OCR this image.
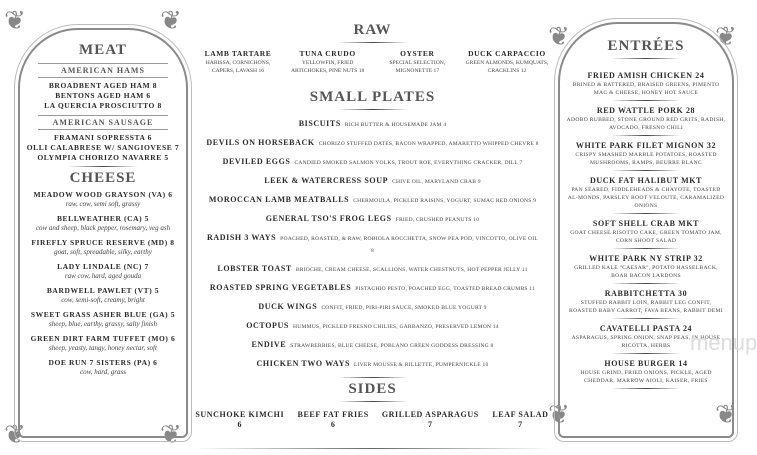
❦	❦
❦	❦
❦	❦
❦	❦
MEAT
AMERICAN HAMS
BROADBENT AGED HAM 8
BENTONS AGED HAM 6
LA QUERCIA PROSCIUTTO 8
AMERICAN SAUSAGE
FRAMANI SOPRESSTA 6
OLLI CALABRESE W/ SANGIOVESE 7
OLYMPIA CHORIZO NAVARRE 5
CHEESE
MEADOW WOOD GRAYSON (VA) 6
raw, cow, semi soft, grassy
BELLWEATHER (CA) 5
cow and sheep, black pepper, rosemary, veg ash
FIREFLY SPRUCE RESERVE (MD) 8
goat, soft, spreadable, silky, earthy
LADY LINDALE (NC) 7
raw cow, hard, aged gouda
BARDWELL PAWLET (VT) 5
cow, semi-soft, creamy, bright
SWEET GRASS ASHER BLUE (GA) 5
sheep, blue, earthy, grassy, salty finish
GREEN DIRT FARM TUFFET (MO) 6
sheep, yeasty, tangy, honey nectar, soft
DOE RUN 7 SISTERS (PA) 6
cow, hard, grass
RAW
LAMB TARTARE
HARISSA, CORNICHONS, CAPERS, LAVASH 16
TUNA CRUDO
YELLOWFIN, FRIED ARTICHOKES, PINE NUTS 18
OYSTER
SPECIAL SELECTION, MIGNONETTE 17
DUCK CARPACCIO
GREEN ALMONDS, KUMQUATS, CRACKLINS 12
SMALL PLATES
BISCUITS RICH BUTTER & HOUSEMADE JAM 4
DEVILS ON HORSEBACK CHORIZO STUFFED DATES, BACON WRAPPED, AMARETTO WHIPPED CHEVRE 8
DEVILED EGGS CANDIED SMOKED SALMON YOLKS, TROUT ROE, EVERYTHING CRACKER, DILL 7
LEEK & WATERCRESS SOUP CHIVE OIL, MARYLAND CRAB 9
MOROCCAN LAMB MEATBALLS CHERMOULA, PICKLED RAISINS, YOGURT, SUMAC RED ONIONS 9
GENERAL TSO'S FROG LEGS FRIED, CRUSHED PEANUTS 10
RADISH 3 WAYS POACHED, ROASTED, & RAW, ROBIOLA ROCCHETTA, SNOW PEA POD, VINCOTTO, OLIVE OIL 8
LOBSTER TOAST BRIOCHE, CREAM CHEESE, SCALLIONS, WATER CHESTNUTS, HOT PEPPER JELLY 11
ROASTED SPRING VEGETABLES PISTACHIO PESTO, POACHED EGG, TOASTED BREAD CRUMBS 11
DUCK WINGS CONFIT, FRIED, PIRI-PIRI SAUCE, SMOKED BLUE YOGURT 9
OCTOPUS HUMMUS, PICKLED FRESNO CHILIES, GARBANZO, PRESERVED LEMON 14
ENDIVE STRAWBERRIES, BLUE CHEESE, POBLANO GREEN GODDESS DRESSING 8
CHICKEN TWO WAYS LIVER MOUSSE & RILLETTE, PUMPERNICKLE 10
SIDES
SUNCHOKE KIMCHI 6
BEEF FAT FRIES 6
GRILLED ASPARAGUS 7
LEAF SALAD 7
ENTRÉES
FRIED AMISH CHICKEN 24
BRINED & BATTERED, BRAISED GREENS, PIMENTO MAC & CHEESE, HONEY HOT SAUCE
RED WATTLE PORK 28
ADOBO RUBBED, STONE GROUND RED GRITS, RADISH, AVOCADO, FRESNO CHILI
WHITE PARK FILET MIGNON 32
CRISPY SMASHED MARBLE POTATOES, ROASTED MUSHROOMS, RAMPS, BEURRE BLANC
DUCK FAT HALIBUT MKT
PAN SEARED, FIDDLEHEADS & CHAYOTE, TOASTED AL-MONDS, PARSLEY ROOT VELOUTE, CARAMALIZED ONIONS
SOFT SHELL CRAB MKT
GOAT CHEESE RISOTTO CAKE, GREEN TOMATO JAM, CORN SHOOT SALAD
WHITE PARK NY STRIP 32
GRILLED KALE "CAESAR", POTATO HASSELBACK, BOAR BACON LARDONS
RABBITCHETTA 30
STUFFED RABBIT LOIN, RABBIT LEG CONFIT, ROASTED BABY CARROT, FAVA BEANS, RABBIT DEMI
CAVATELLI PASTA 24
ASPARAGUS, SPRING ONION, SNAP PEAS, IN HOUSE RICOTTA, HERBS
HOUSE BURGER 14
HOUSE GRIND, FRIED ONIONS, PICKLE, AGED CHEDDAR, MARROW AIOLI, KAISER, FRIES
menup
